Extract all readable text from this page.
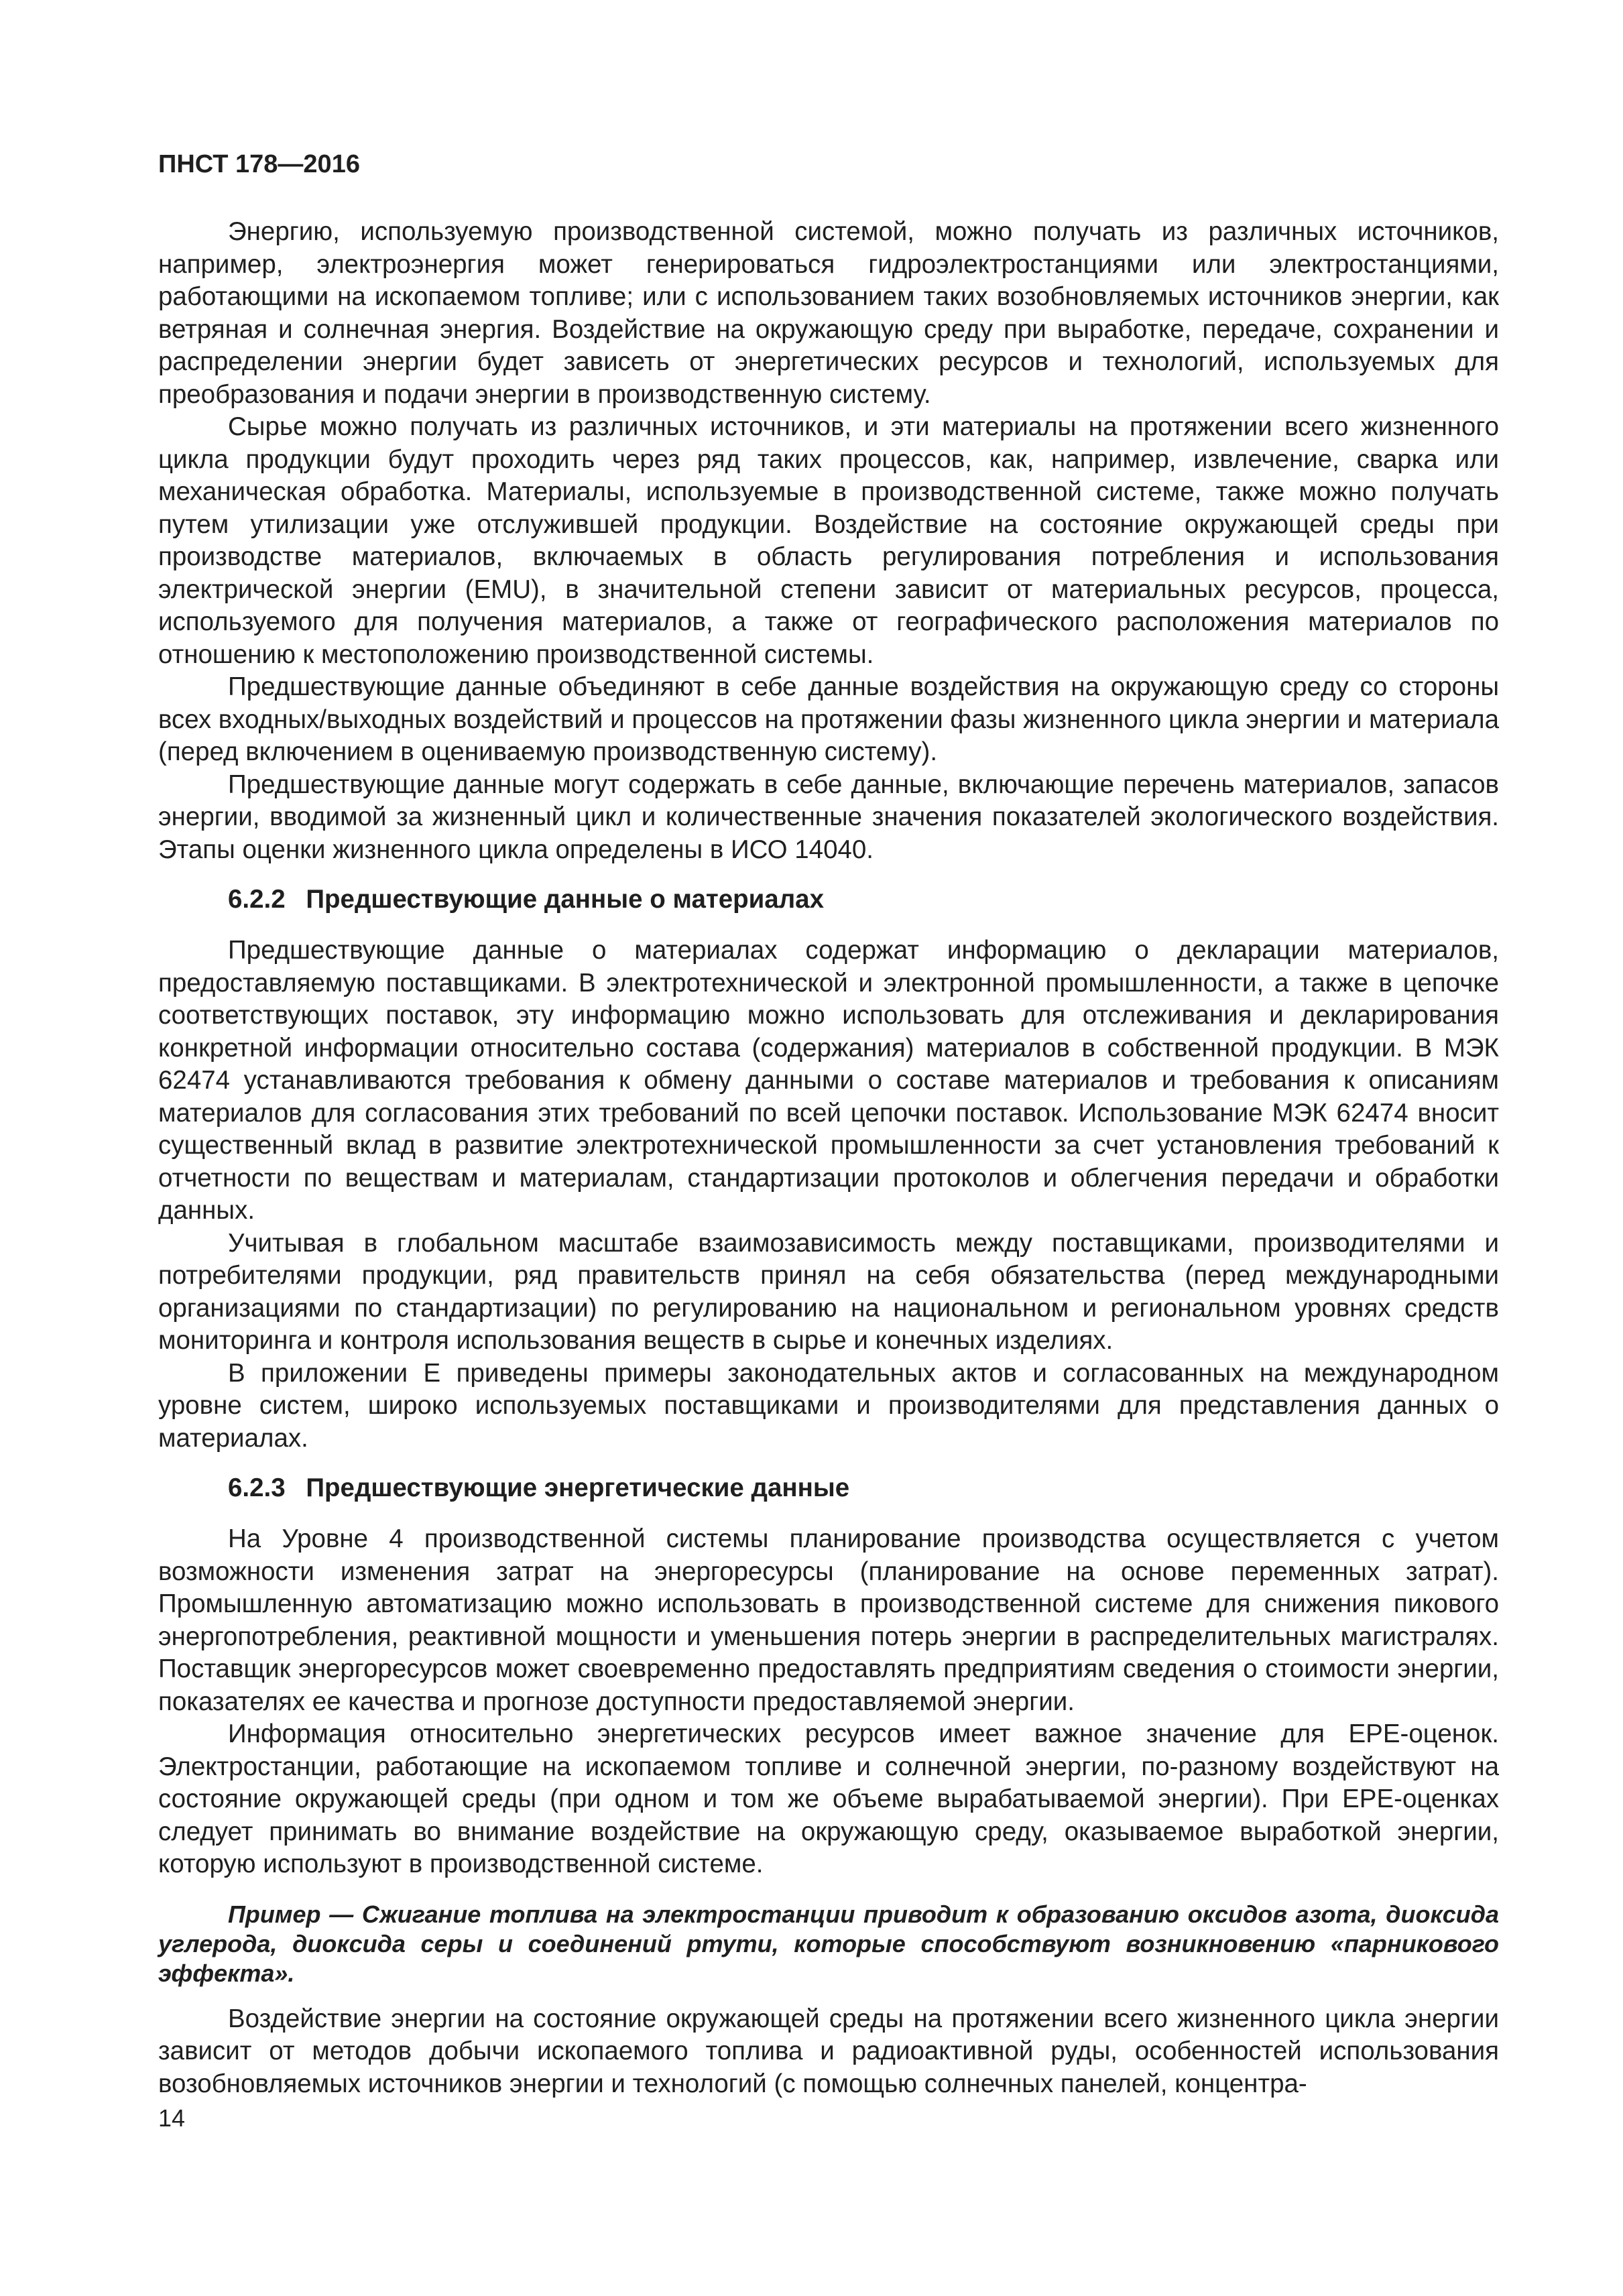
ПНСТ 178—2016

Энергию, используемую производственной системой, можно получать из различных источников, например, электроэнергия может генерироваться гидроэлектростанциями или электростанциями, работающими на ископаемом топливе; или с использованием таких возобновляемых источников энергии, как ветряная и солнечная энергия. Воздействие на окружающую среду при выработке, передаче, сохранении и распределении энергии будет зависеть от энергетических ресурсов и технологий, используемых для преобразования и подачи энергии в производственную систему.

Сырье можно получать из различных источников, и эти материалы на протяжении всего жизненного цикла продукции будут проходить через ряд таких процессов, как, например, извлечение, сварка или механическая обработка. Материалы, используемые в производственной системе, также можно получать путем утилизации уже отслужившей продукции. Воздействие на состояние окружающей среды при производстве материалов, включаемых в область регулирования потребления и использования электрической энергии (EMU), в значительной степени зависит от материальных ресурсов, процесса, используемого для получения материалов, а также от географического расположения материалов по отношению к местоположению производственной системы.

Предшествующие данные объединяют в себе данные воздействия на окружающую среду со стороны всех входных/выходных воздействий и процессов на протяжении фазы жизненного цикла энергии и материала (перед включением в оцениваемую производственную систему).

Предшествующие данные могут содержать в себе данные, включающие перечень материалов, запасов энергии, вводимой за жизненный цикл и количественные значения показателей экологического воздействия. Этапы оценки жизненного цикла определены в ИСО 14040.

6.2.2 Предшествующие данные о материалах

Предшествующие данные о материалах содержат информацию о декларации материалов, предоставляемую поставщиками. В электротехнической и электронной промышленности, а также в цепочке соответствующих поставок, эту информацию можно использовать для отслеживания и декларирования конкретной информации относительно состава (содержания) материалов в собственной продукции. В МЭК 62474 устанавливаются требования к обмену данными о составе материалов и требования к описаниям материалов для согласования этих требований по всей цепочки поставок. Использование МЭК 62474 вносит существенный вклад в развитие электротехнической промышленности за счет установления требований к отчетности по веществам и материалам, стандартизации протоколов и облегчения передачи и обработки данных.

Учитывая в глобальном масштабе взаимозависимость между поставщиками, производителями и потребителями продукции, ряд правительств принял на себя обязательства (перед международными организациями по стандартизации) по регулированию на национальном и региональном уровнях средств мониторинга и контроля использования веществ в сырье и конечных изделиях.

В приложении Е приведены примеры законодательных актов и согласованных на международном уровне систем, широко используемых поставщиками и производителями для представления данных о материалах.

6.2.3 Предшествующие энергетические данные

На Уровне 4 производственной системы планирование производства осуществляется с учетом возможности изменения затрат на энергоресурсы (планирование на основе переменных затрат). Промышленную автоматизацию можно использовать в производственной системе для снижения пикового энергопотребления, реактивной мощности и уменьшения потерь энергии в распределительных магистралях. Поставщик энергоресурсов может своевременно предоставлять предприятиям сведения о стоимости энергии, показателях ее качества и прогнозе доступности предоставляемой энергии.

Информация относительно энергетических ресурсов имеет важное значение для ЕРЕ-оценок. Электростанции, работающие на ископаемом топливе и солнечной энергии, по-разному воздействуют на состояние окружающей среды (при одном и том же объеме вырабатываемой энергии). При ЕРЕ-оценках следует принимать во внимание воздействие на окружающую среду, оказываемое выработкой энергии, которую используют в производственной системе.

Пример — Сжигание топлива на электростанции приводит к образованию оксидов азота, диоксида углерода, диоксида серы и соединений ртути, которые способствуют возникновению «парникового эффекта».

Воздействие энергии на состояние окружающей среды на протяжении всего жизненного цикла энергии зависит от методов добычи ископаемого топлива и радиоактивной руды, особенностей использования возобновляемых источников энергии и технологий (с помощью солнечных панелей, концентра-

14
